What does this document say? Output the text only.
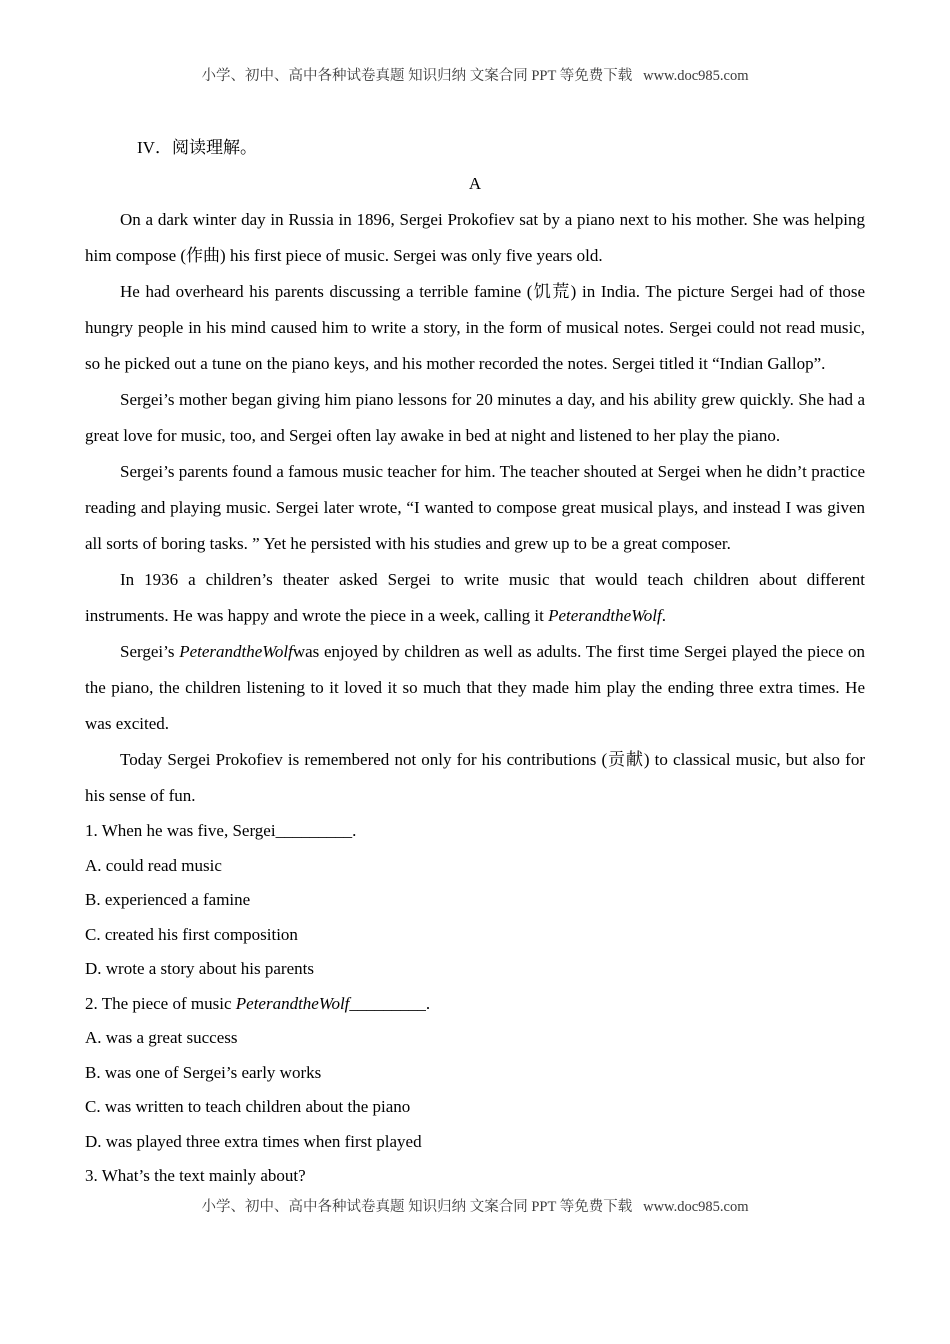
小学、初中、高中各种试卷真题 知识归纳 文案合同 PPT 等免费下载   www.doc985.com
IV．阅读理解。
A

On a dark winter day in Russia in 1896, Sergei Prokofiev sat by a piano next to his mother. She was helping him compose (作曲) his first piece of music. Sergei was only five years old.

He had overheard his parents discussing a terrible famine (饥荒) in India. The picture Sergei had of those hungry people in his mind caused him to write a story, in the form of musical notes. Sergei could not read music, so he picked out a tune on the piano keys, and his mother recorded the notes. Sergei titled it “Indian Gallop”.

Sergei’s mother began giving him piano lessons for 20 minutes a day, and his ability grew quickly. She had a great love for music, too, and Sergei often lay awake in bed at night and listened to her play the piano.

Sergei’s parents found a famous music teacher for him. The teacher shouted at Sergei when he didn’t practice reading and playing music. Sergei later wrote, “I wanted to compose great musical plays, and instead I was given all sorts of boring tasks. ” Yet he persisted with his studies and grew up to be a great composer.

In 1936 a children’s theater asked Sergei to write music that would teach children about different instruments. He was happy and wrote the piece in a week, calling it PeterandtheWolf.

Sergei’s PeterandtheWolfwas enjoyed by children as well as adults. The first time Sergei played the piece on the piano, the children listening to it loved it so much that they made him play the ending three extra times. He was excited.

Today Sergei Prokofiev is remembered not only for his contributions (贡献) to classical music, but also for his sense of fun.

1. When he was five, Sergei_________.

A. could read music

B. experienced a famine

C. created his first composition

D. wrote a story about his parents

2. The piece of music PeterandtheWolf_________.

A. was a great success

B. was one of Sergei’s early works

C. was written to teach children about the piano

D. was played three extra times when first played

3. What’s the text mainly about?

小学、初中、高中各种试卷真题 知识归纳 文案合同 PPT 等免费下载   www.doc985.com
